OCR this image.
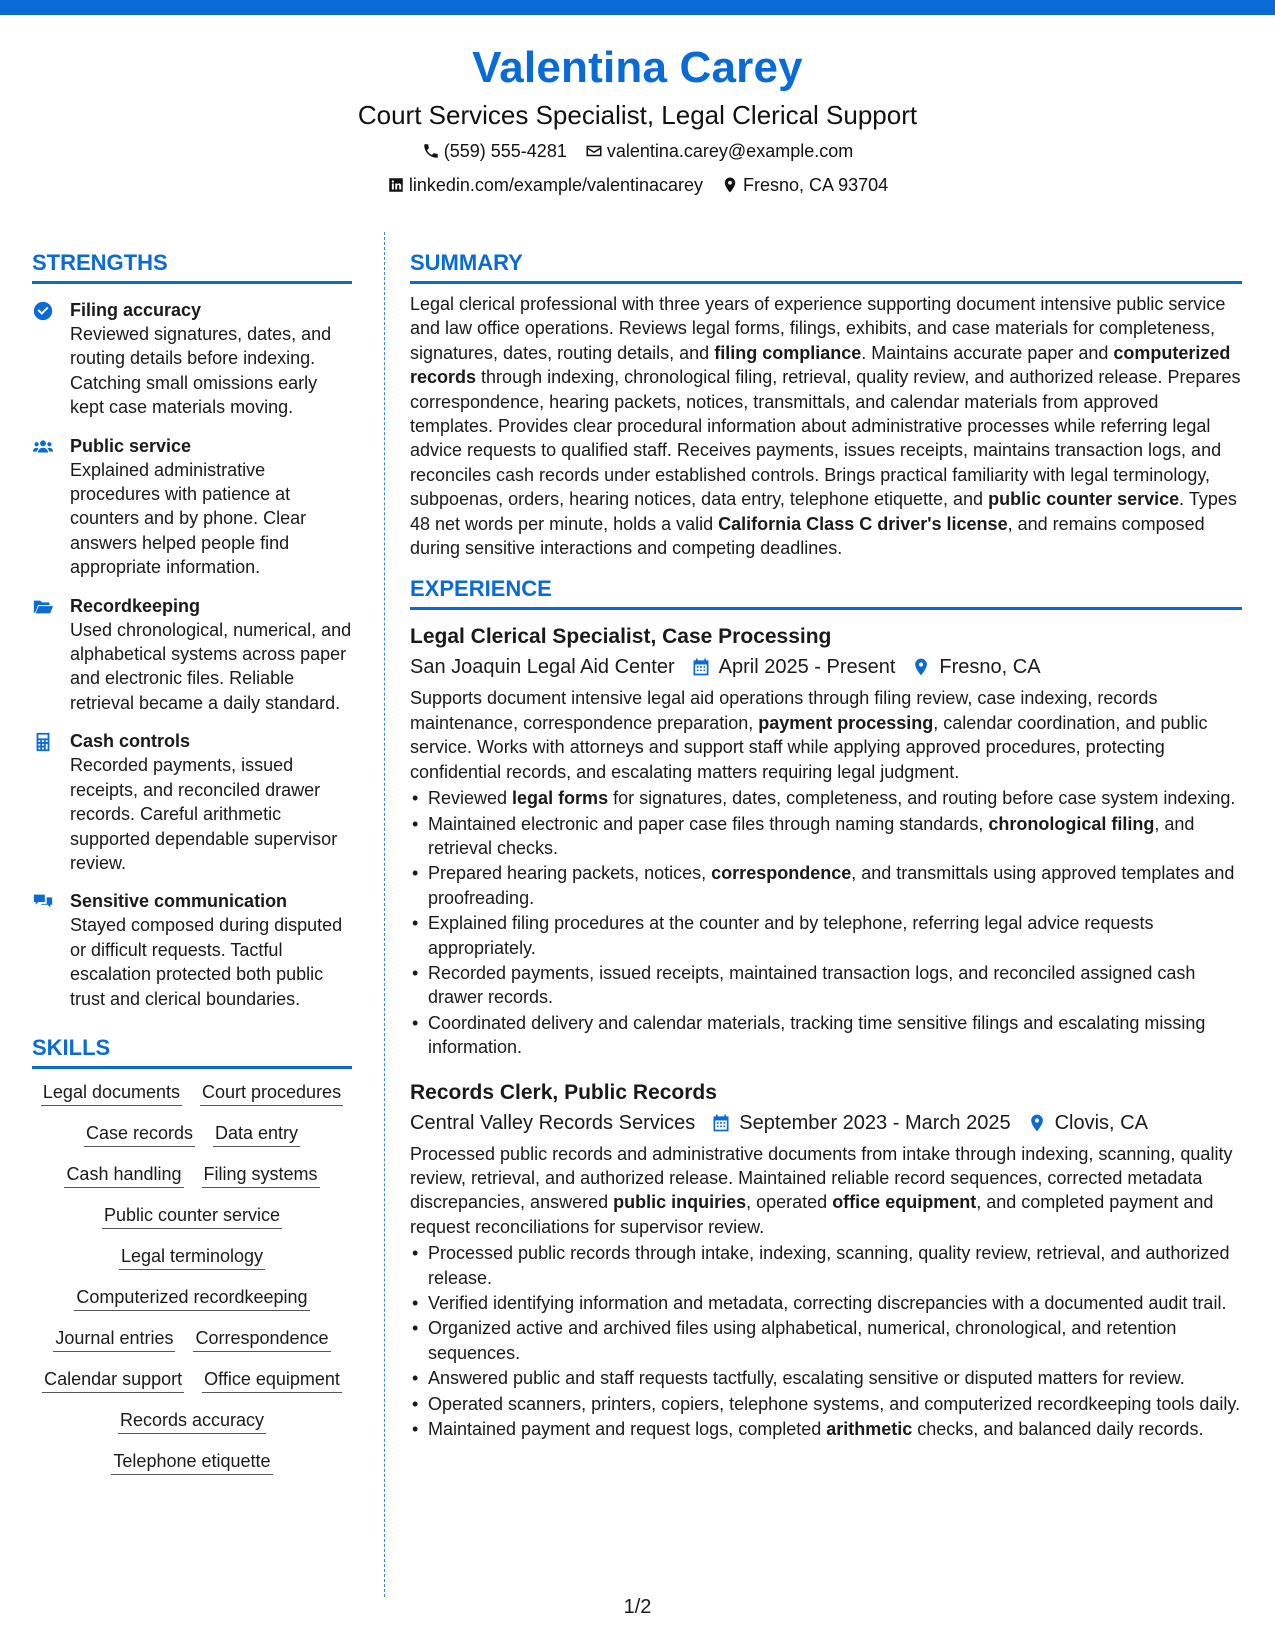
Valentina Carey
Court Services Specialist, Legal Clerical Support
(559) 555-4281 valentina.carey@example.com
linkedin.com/example/valentinacarey Fresno, CA 93704
STRENGTHS
Filing accuracy
Reviewed signatures, dates, and routing details before indexing. Catching small omissions early kept case materials moving.
Public service
Explained administrative procedures with patience at counters and by phone. Clear answers helped people find appropriate information.
Recordkeeping
Used chronological, numerical, and alphabetical systems across paper and electronic files. Reliable retrieval became a daily standard.
Cash controls
Recorded payments, issued receipts, and reconciled drawer records. Careful arithmetic supported dependable supervisor review.
Sensitive communication
Stayed composed during disputed or difficult requests. Tactful escalation protected both public trust and clerical boundaries.
SKILLS
Legal documents Court procedures
Case records Data entry
Cash handling Filing systems
Public counter service
Legal terminology
Computerized recordkeeping
Journal entries Correspondence
Calendar support Office equipment
Records accuracy
Telephone etiquette
SUMMARY

Legal clerical professional with three years of experience supporting document intensive public service and law office operations. Reviews legal forms, filings, exhibits, and case materials for completeness, signatures, dates, routing details, and filing compliance. Maintains accurate paper and computerized records through indexing, chronological filing, retrieval, quality review, and authorized release. Prepares correspondence, hearing packets, notices, transmittals, and calendar materials from approved templates. Provides clear procedural information about administrative processes while referring legal advice requests to qualified staff. Receives payments, issues receipts, maintains transaction logs, and reconciles cash records under established controls. Brings practical familiarity with legal terminology, subpoenas, orders, hearing notices, data entry, telephone etiquette, and public counter service. Types 48 net words per minute, holds a valid California Class C driver's license, and remains composed during sensitive interactions and competing deadlines.

EXPERIENCE
Legal Clerical Specialist, Case Processing
San Joaquin Legal Aid Center April 2025 - Present Fresno, CA

Supports document intensive legal aid operations through filing review, case indexing, records maintenance, correspondence preparation, payment processing, calendar coordination, and public service. Works with attorneys and support staff while applying approved procedures, protecting confidential records, and escalating matters requiring legal judgment.

• Reviewed legal forms for signatures, dates, completeness, and routing before case system indexing.
• Maintained electronic and paper case files through naming standards, chronological filing, and retrieval checks.
• Prepared hearing packets, notices, correspondence, and transmittals using approved templates and proofreading.
• Explained filing procedures at the counter and by telephone, referring legal advice requests appropriately.
• Recorded payments, issued receipts, maintained transaction logs, and reconciled assigned cash drawer records.
• Coordinated delivery and calendar materials, tracking time sensitive filings and escalating missing information.
Records Clerk, Public Records
Central Valley Records Services September 2023 - March 2025 Clovis, CA

Processed public records and administrative documents from intake through indexing, scanning, quality review, retrieval, and authorized release. Maintained reliable record sequences, corrected metadata discrepancies, answered public inquiries, operated office equipment, and completed payment and request reconciliations for supervisor review.

• Processed public records through intake, indexing, scanning, quality review, retrieval, and authorized release.
• Verified identifying information and metadata, correcting discrepancies with a documented audit trail.
• Organized active and archived files using alphabetical, numerical, chronological, and retention sequences.
• Answered public and staff requests tactfully, escalating sensitive or disputed matters for review.
• Operated scanners, printers, copiers, telephone systems, and computerized recordkeeping tools daily.
• Maintained payment and request logs, completed arithmetic checks, and balanced daily records.
1/2
